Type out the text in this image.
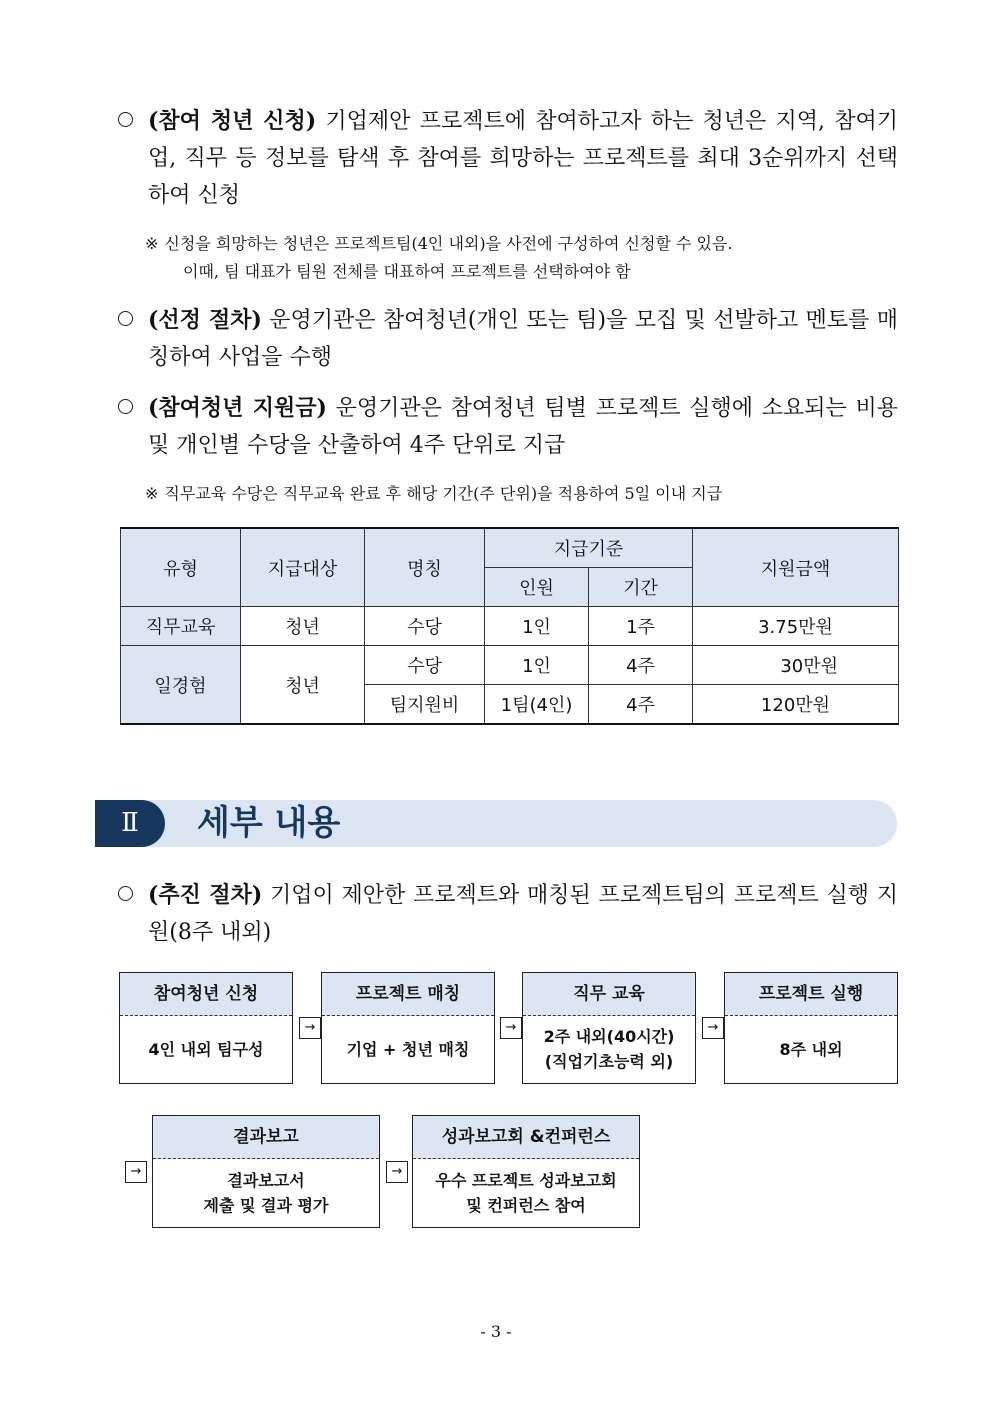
(참여 청년 신청) 기업제안 프로젝트에 참여하고자 하는 청년은 지역, 참여기업, 직무 등 정보를 탐색 후 참여를 희망하는 프로젝트를 최대 3순위까지 선택하여 신청
※ 신청을 희망하는 청년은 프로젝트팀(4인 내외)을 사전에 구성하여 신청할 수 있음.
이때, 팀 대표가 팀원 전체를 대표하여 프로젝트를 선택하여야 함
(선정 절차) 운영기관은 참여청년(개인 또는 팀)을 모집 및 선발하고 멘토를 매칭하여 사업을 수행
(참여청년 지원금) 운영기관은 참여청년 팀별 프로젝트 실행에 소요되는 비용 및 개인별 수당을 산출하여 4주 단위로 지급
※ 직무교육 수당은 직무교육 완료 후 해당 기간(주 단위)을 적용하여 5일 이내 지급
유형	지급대상	명칭	지급기준		지원금액
			인원	기간	
직무교육	청년	수당	1인	1주	3.75만원
일경험	청년	수당	1인	4주	30만원
		팀지원비	1팀(4인)	4주	120만원
Ⅱ	세부 내용
(추진 절차) 기업이 제안한 프로젝트와 매칭된 프로젝트팀의 프로젝트 실행 지원(8주 내외)
참여청년 신청
4인 내외 팀구성
→
프로젝트 매칭
기업 + 청년 매칭
→
직무 교육
2주 내외(40시간)
(직업기초능력 외)
→
프로젝트 실행
8주 내외
→
결과보고
결과보고서
제출 및 결과 평가
→
성과보고회 &컨퍼런스
우수 프로젝트 성과보고회
및 컨퍼런스 참여
- 3 -
